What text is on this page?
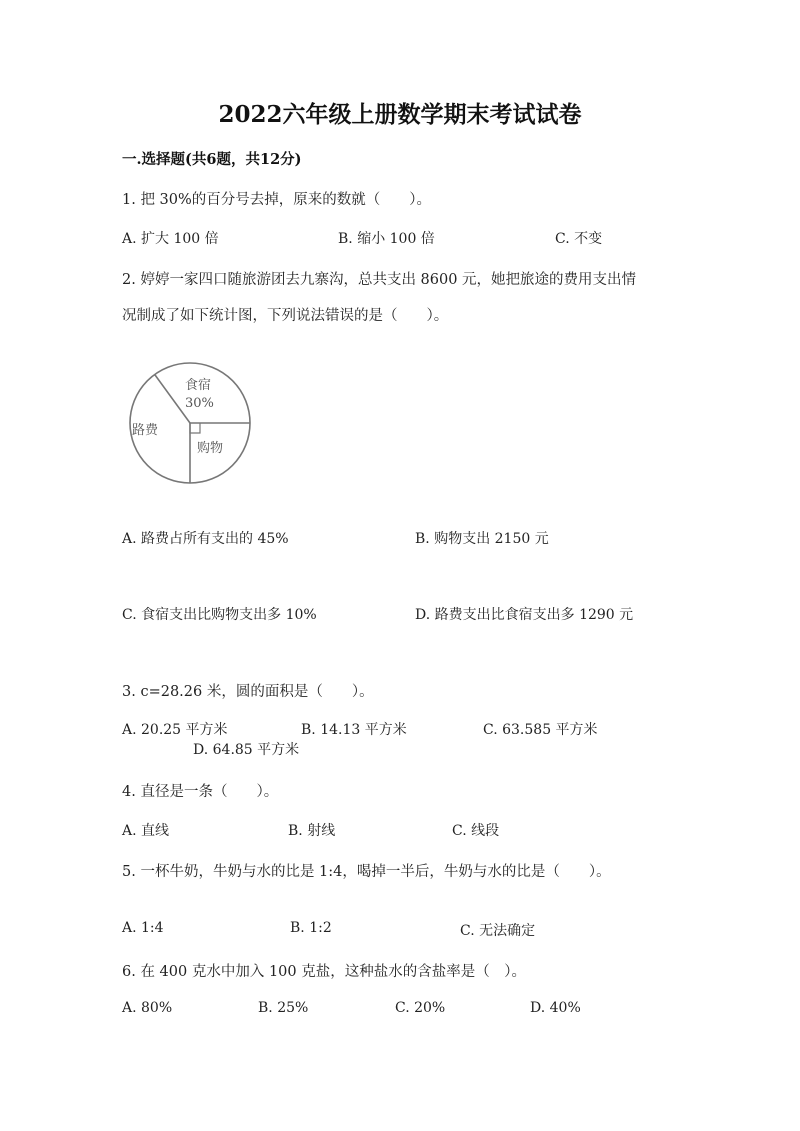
2022六年级上册数学期末考试试卷
一.选择题(共6题，共12分)
1. 把 30%的百分号去掉，原来的数就（　　）。
A. 扩大 100 倍	B. 缩小 100 倍	C. 不变
2. 婷婷一家四口随旅游团去九寨沟，总共支出 8600 元，她把旅途的费用支出情
况制成了如下统计图，下列说法错误的是（　　）。
食宿
30%
购物
路费
A. 路费占所有支出的 45%	B. 购物支出 2150 元
C. 食宿支出比购物支出多 10%	D. 路费支出比食宿支出多 1290 元
3. c=28.26 米，圆的面积是（　　）。
A. 20.25 平方米	B. 14.13 平方米	C. 63.585 平方米
D. 64.85 平方米
4. 直径是一条（　　）。
A. 直线	B. 射线	C. 线段
5. 一杯牛奶，牛奶与水的比是 1:4，喝掉一半后，牛奶与水的比是（　　）。
A. 1:4	B. 1:2	C. 无法确定
6. 在 400 克水中加入 100 克盐，这种盐水的含盐率是（　）。
A. 80%	B. 25%	C. 20%	D. 40%
